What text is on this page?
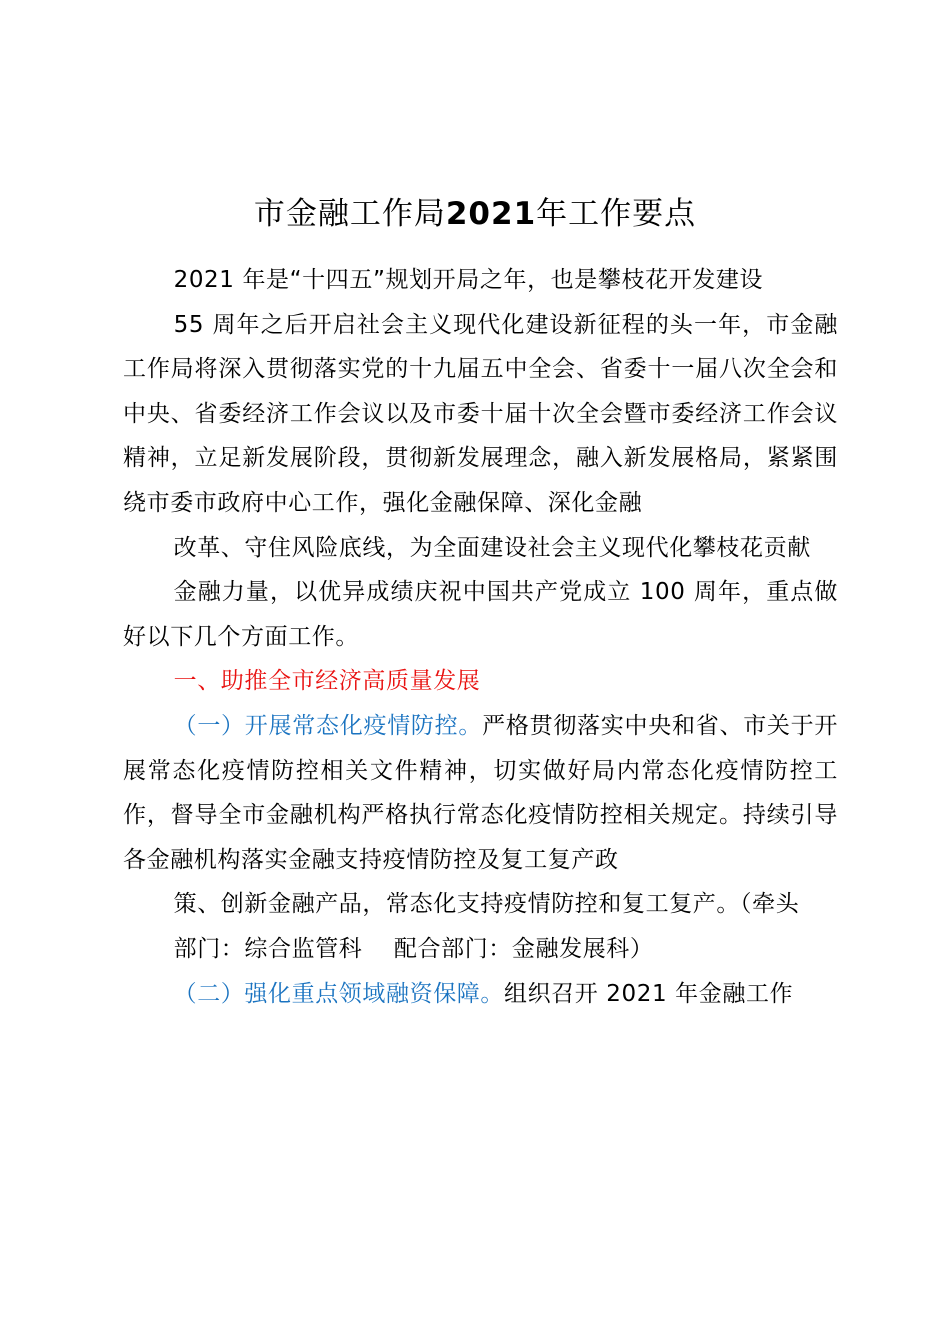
市金融工作局2021年工作要点

2021 年是“十四五”规划开局之年，也是攀枝花开发建设

55 周年之后开启社会主义现代化建设新征程的头一年，市金融工作局将深入贯彻落实党的十九届五中全会、省委十一届八次全会和中央、省委经济工作会议以及市委十届十次全会暨市委经济工作会议精神，立足新发展阶段，贯彻新发展理念，融入新发展格局，紧紧围绕市委市政府中心工作，强化金融保障、深化金融

改革、守住风险底线，为全面建设社会主义现代化攀枝花贡献

金融力量，以优异成绩庆祝中国共产党成立 100 周年，重点做好以下几个方面工作。

一、助推全市经济高质量发展

（一）开展常态化疫情防控。严格贯彻落实中央和省、市关于开展常态化疫情防控相关文件精神，切实做好局内常态化疫情防控工作，督导全市金融机构严格执行常态化疫情防控相关规定。持续引导各金融机构落实金融支持疫情防控及复工复产政

策、创新金融产品，常态化支持疫情防控和复工复产。（牵头

部门：综合监管科　 配合部门：金融发展科）

（二）强化重点领域融资保障。组织召开 2021 年金融工作
